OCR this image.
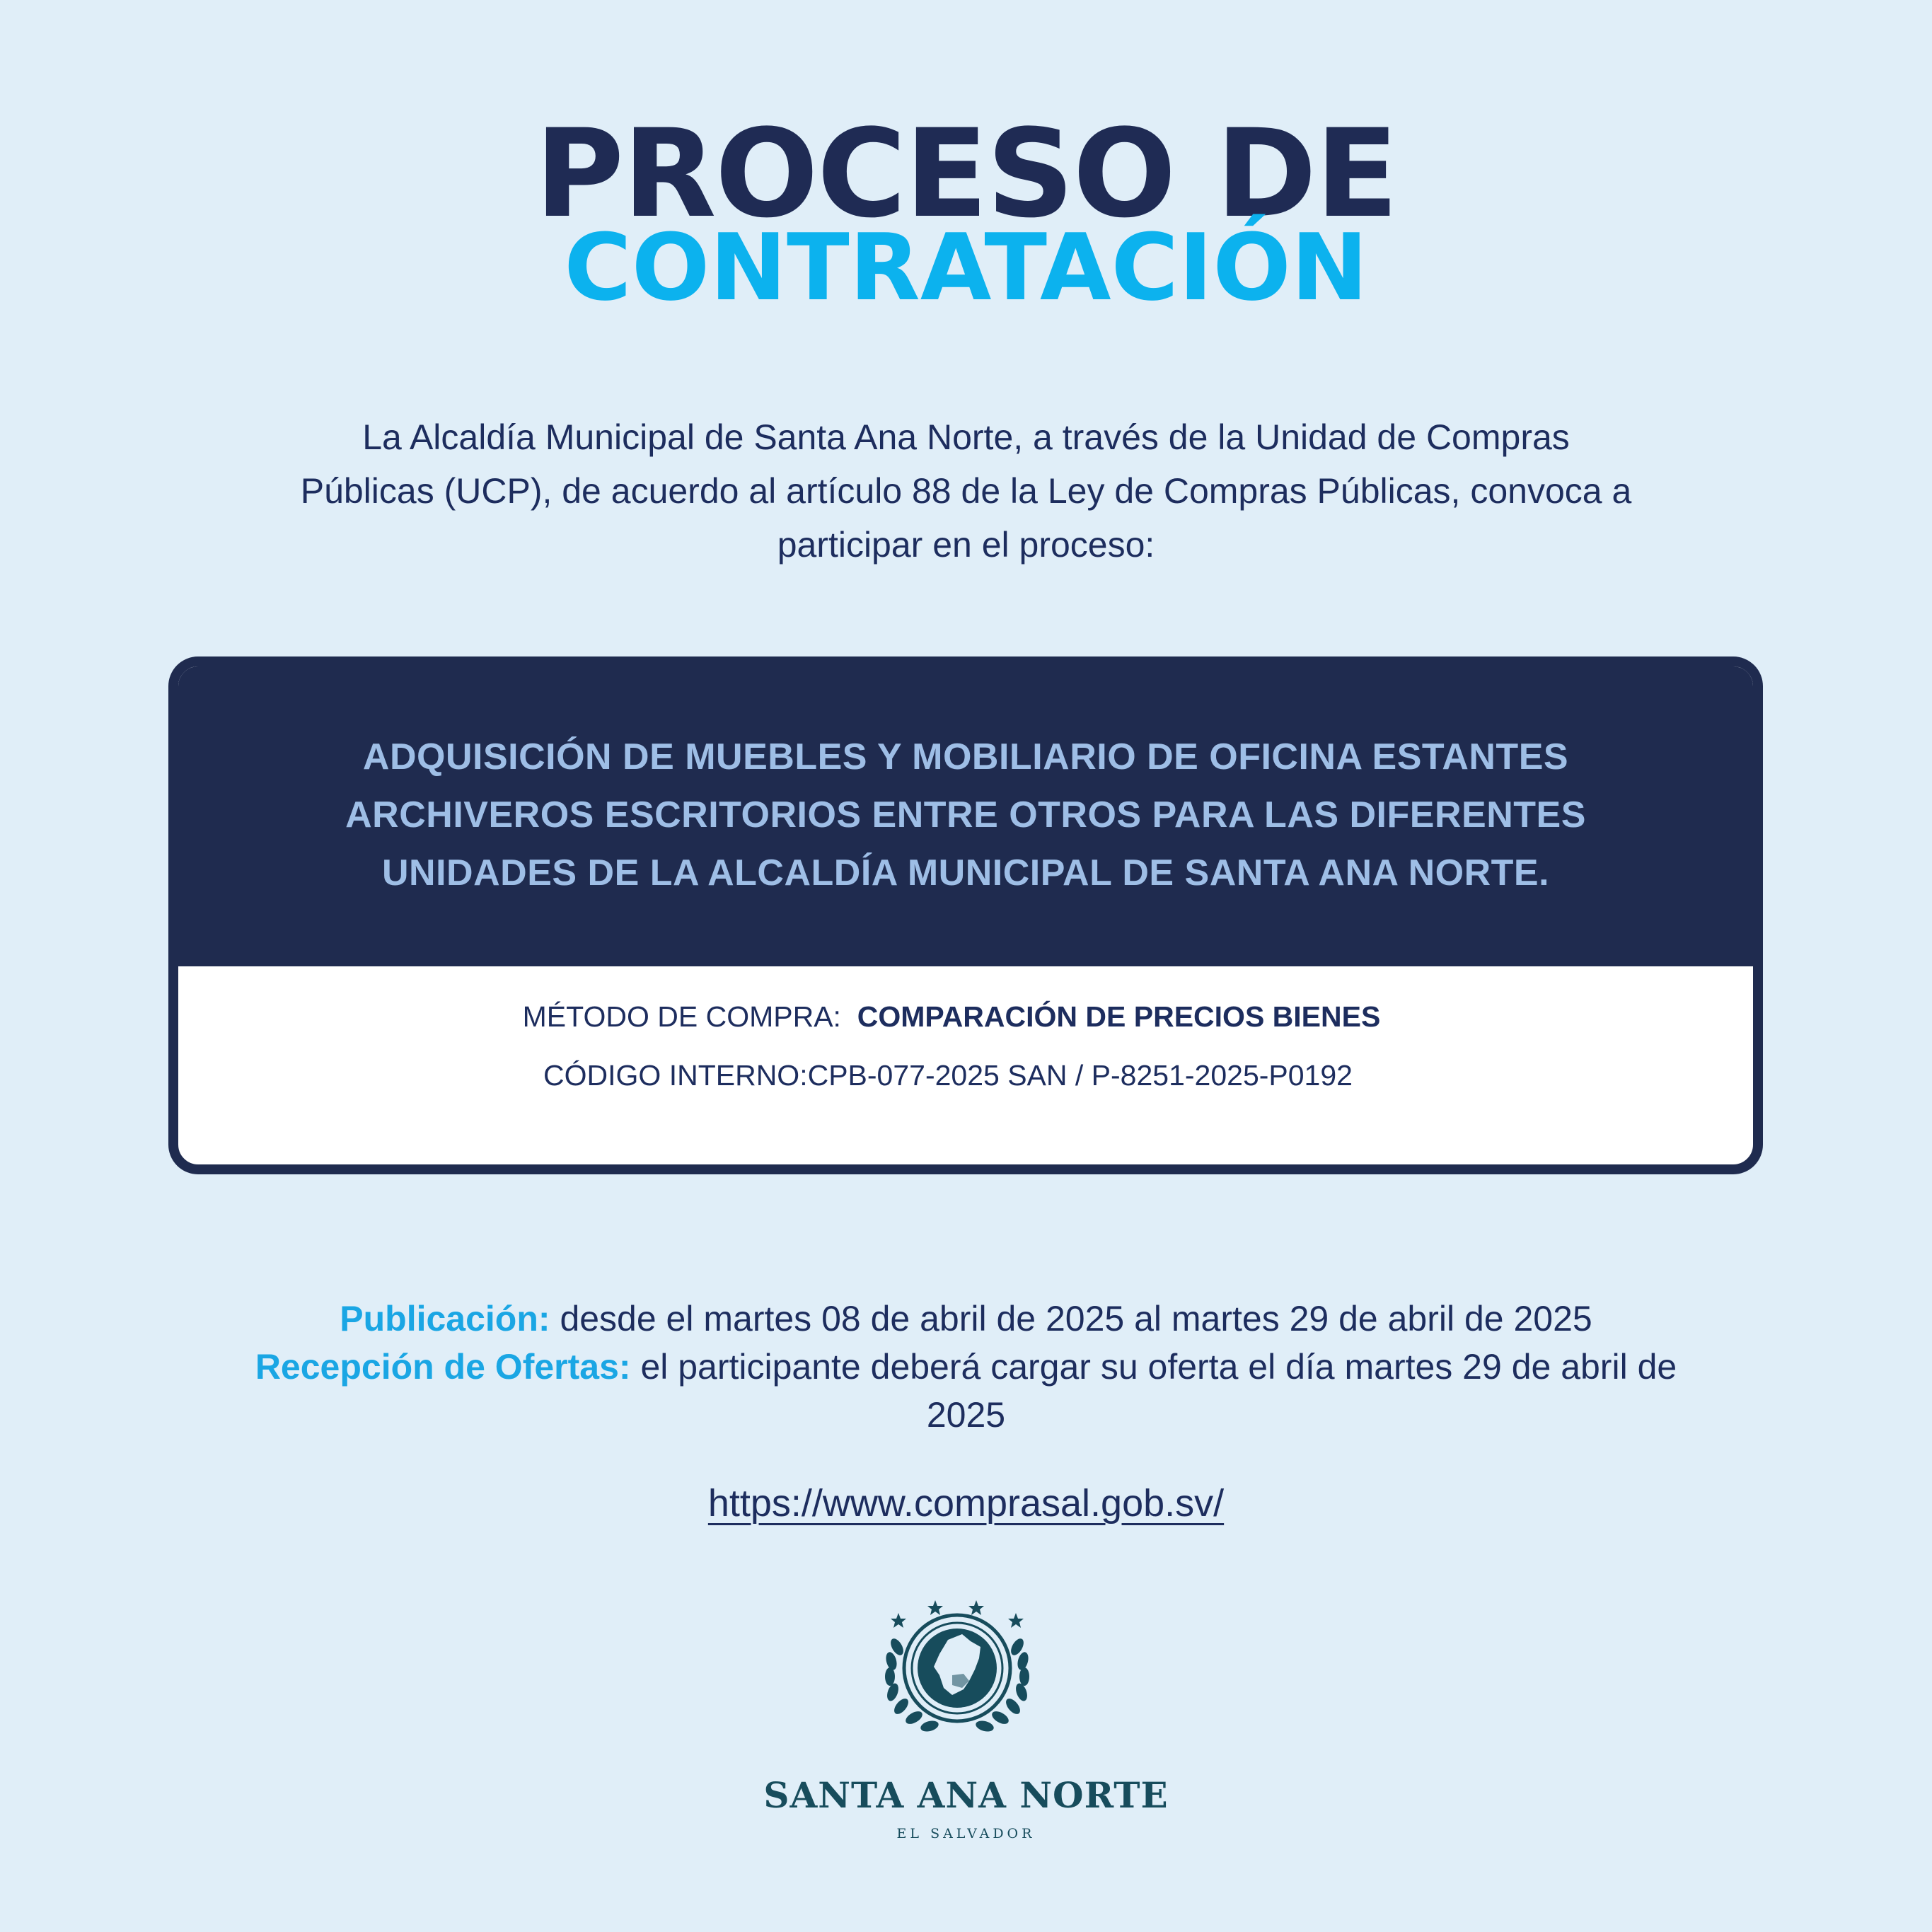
PROCESO DE
CONTRATACIÓN

La Alcaldía Municipal de Santa Ana Norte, a través de la Unidad de Compras

Públicas (UCP), de acuerdo al artículo 88 de la Ley de Compras Públicas, convoca a

participar en el proceso:

ADQUISICIÓN DE MUEBLES Y MOBILIARIO DE OFICINA ESTANTES

ARCHIVEROS ESCRITORIOS ENTRE OTROS PARA LAS DIFERENTES

UNIDADES DE LA ALCALDÍA MUNICIPAL DE SANTA ANA NORTE.

MÉTODO DE COMPRA: COMPARACIÓN DE PRECIOS BIENES
CÓDIGO INTERNO:CPB-077-2025 SAN / P-8251-2025-P0192

Publicación: desde el martes 08 de abril de 2025 al martes 29 de abril de 2025

Recepción de Ofertas: el participante deberá cargar su oferta el día martes 29 de abril de

2025

https://www.comprasal.gob.sv/
SANTA ANA NORTE
EL SALVADOR
